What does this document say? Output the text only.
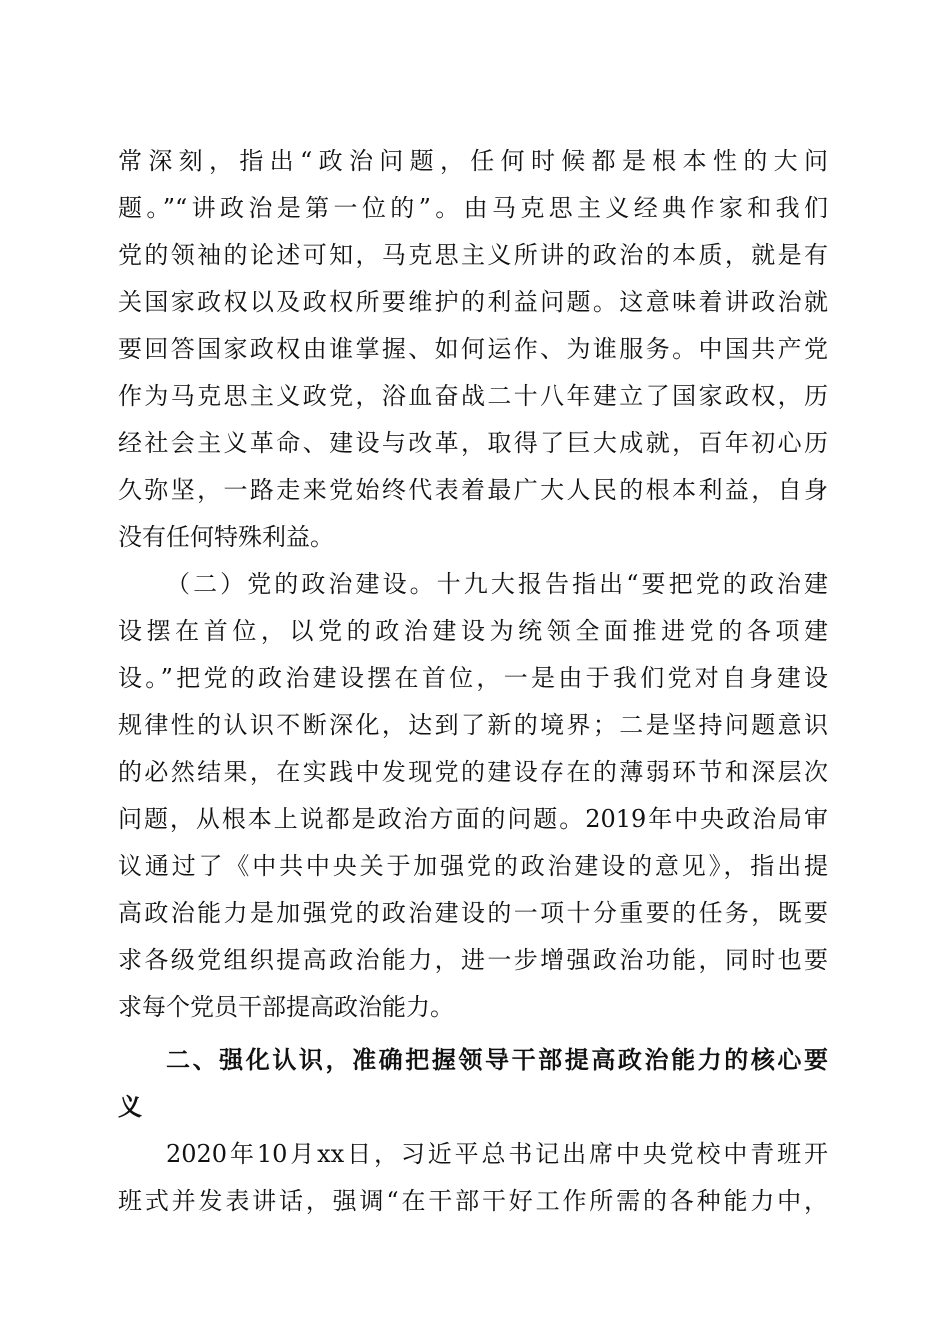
常深刻，指出“政治问题，任何时候都是根本性的大问
题。”“讲政治是第一位的”。由马克思主义经典作家和我们
党的领袖的论述可知，马克思主义所讲的政治的本质，就是有
关国家政权以及政权所要维护的利益问题。这意味着讲政治就
要回答国家政权由谁掌握、如何运作、为谁服务。中国共产党
作为马克思主义政党，浴血奋战二十八年建立了国家政权，历
经社会主义革命、建设与改革，取得了巨大成就，百年初心历
久弥坚，一路走来党始终代表着最广大人民的根本利益，自身
没有任何特殊利益。
（二）党的政治建设。十九大报告指出“要把党的政治建
设摆在首位，以党的政治建设为统领全面推进党的各项建
设。”把党的政治建设摆在首位，一是由于我们党对自身建设
规律性的认识不断深化，达到了新的境界；二是坚持问题意识
的必然结果，在实践中发现党的建设存在的薄弱环节和深层次
问题，从根本上说都是政治方面的问题。2019年中央政治局审
议通过了《中共中央关于加强党的政治建设的意见》，指出提
高政治能力是加强党的政治建设的一项十分重要的任务，既要
求各级党组织提高政治能力，进一步增强政治功能，同时也要
求每个党员干部提高政治能力。
二、强化认识，准确把握领导干部提高政治能力的核心要
义
2020年10月xx日，习近平总书记出席中央党校中青班开
班式并发表讲话，强调“在干部干好工作所需的各种能力中，
